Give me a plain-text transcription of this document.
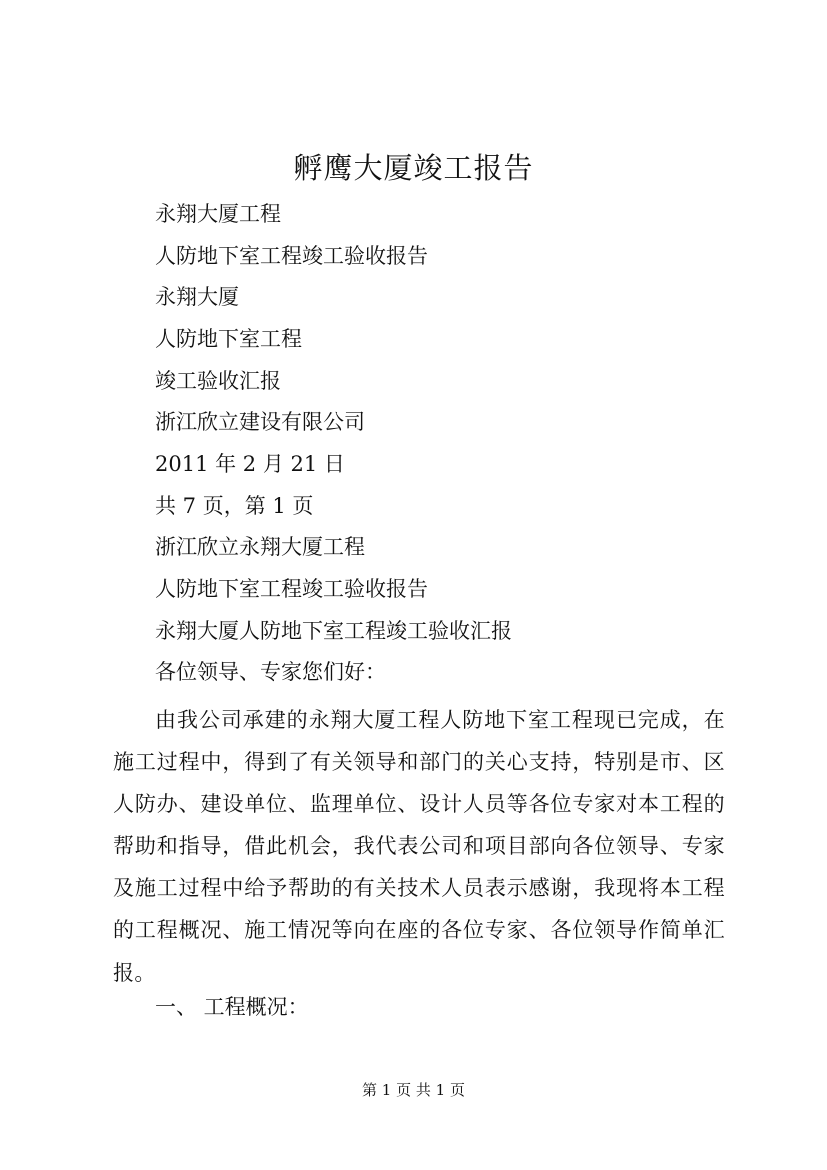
孵鹰大厦竣工报告

永翔大厦工程

人防地下室工程竣工验收报告

永翔大厦

人防地下室工程

竣工验收汇报

浙江欣立建设有限公司

2011 年 2 月 21 日

共 7 页，第 1 页

浙江欣立永翔大厦工程

人防地下室工程竣工验收报告

永翔大厦人防地下室工程竣工验收汇报

各位领导、专家您们好：

由我公司承建的永翔大厦工程人防地下室工程现已完成，在施工过程中，得到了有关领导和部门的关心支持，特别是市、区人防办、建设单位、监理单位、设计人员等各位专家对本工程的帮助和指导，借此机会，我代表公司和项目部向各位领导、专家及施工过程中给予帮助的有关技术人员表示感谢，我现将本工程的工程概况、施工情况等向在座的各位专家、各位领导作简单汇报。

一、 工程概况：

第 1 页 共 1 页
